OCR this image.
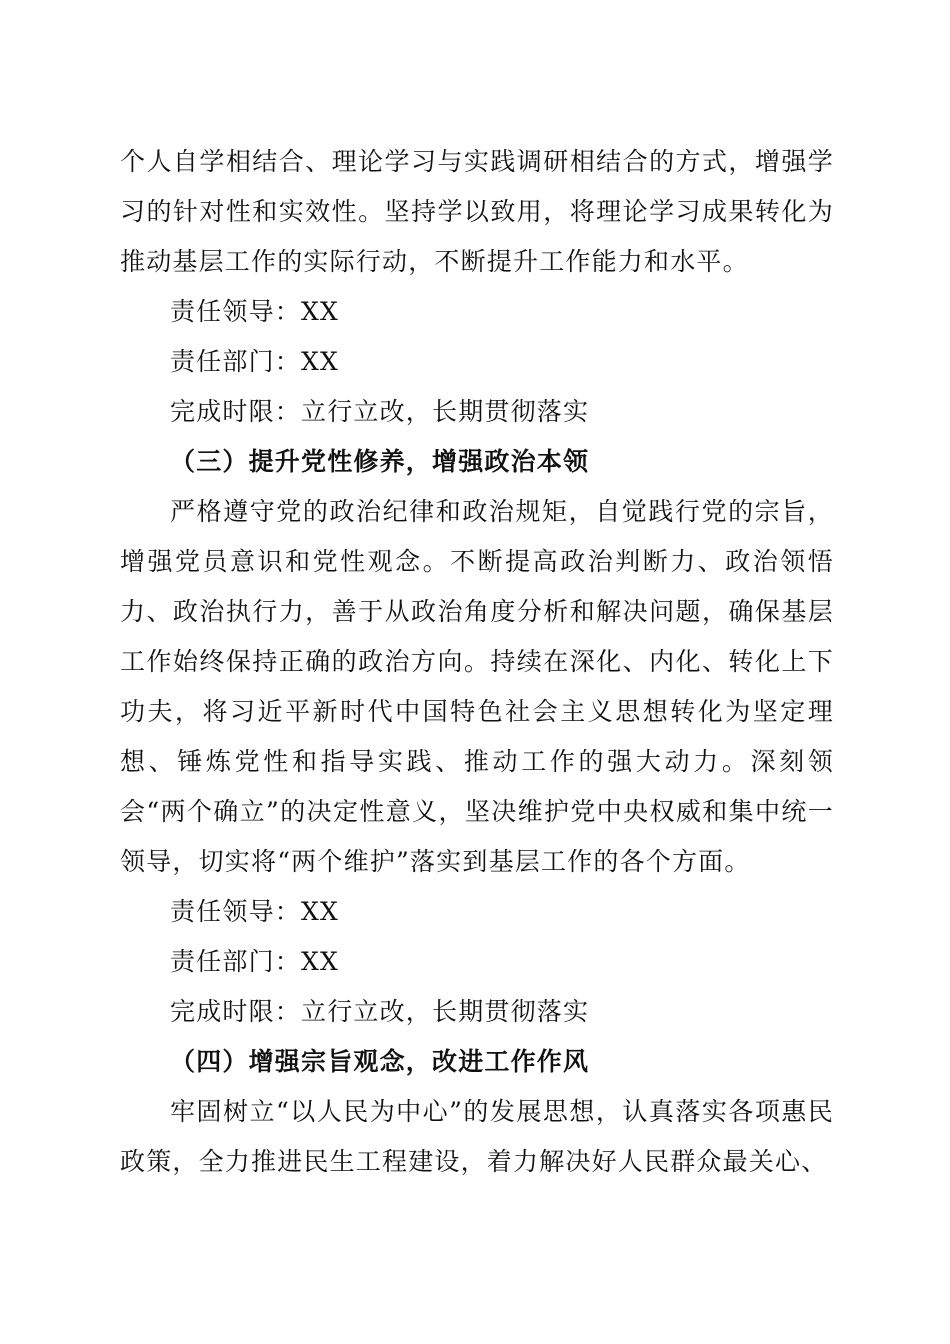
个人自学相结合、理论学习与实践调研相结合的方式，增强学习的针对性和实效性。坚持学以致用，将理论学习成果转化为推动基层工作的实际行动，不断提升工作能力和水平。

责任领导：XX

责任部门：XX

完成时限：立行立改，长期贯彻落实

（三）提升党性修养，增强政治本领

严格遵守党的政治纪律和政治规矩，自觉践行党的宗旨，增强党员意识和党性观念。不断提高政治判断力、政治领悟力、政治执行力，善于从政治角度分析和解决问题，确保基层工作始终保持正确的政治方向。持续在深化、内化、转化上下功夫，将习近平新时代中国特色社会主义思想转化为坚定理想、锤炼党性和指导实践、推动工作的强大动力。深刻领会“两个确立”的决定性意义，坚决维护党中央权威和集中统一领导，切实将“两个维护”落实到基层工作的各个方面。

责任领导：XX

责任部门：XX

完成时限：立行立改，长期贯彻落实

（四）增强宗旨观念，改进工作作风

牢固树立“以人民为中心”的发展思想，认真落实各项惠民政策，全力推进民生工程建设，着力解决好人民群众最关心、
